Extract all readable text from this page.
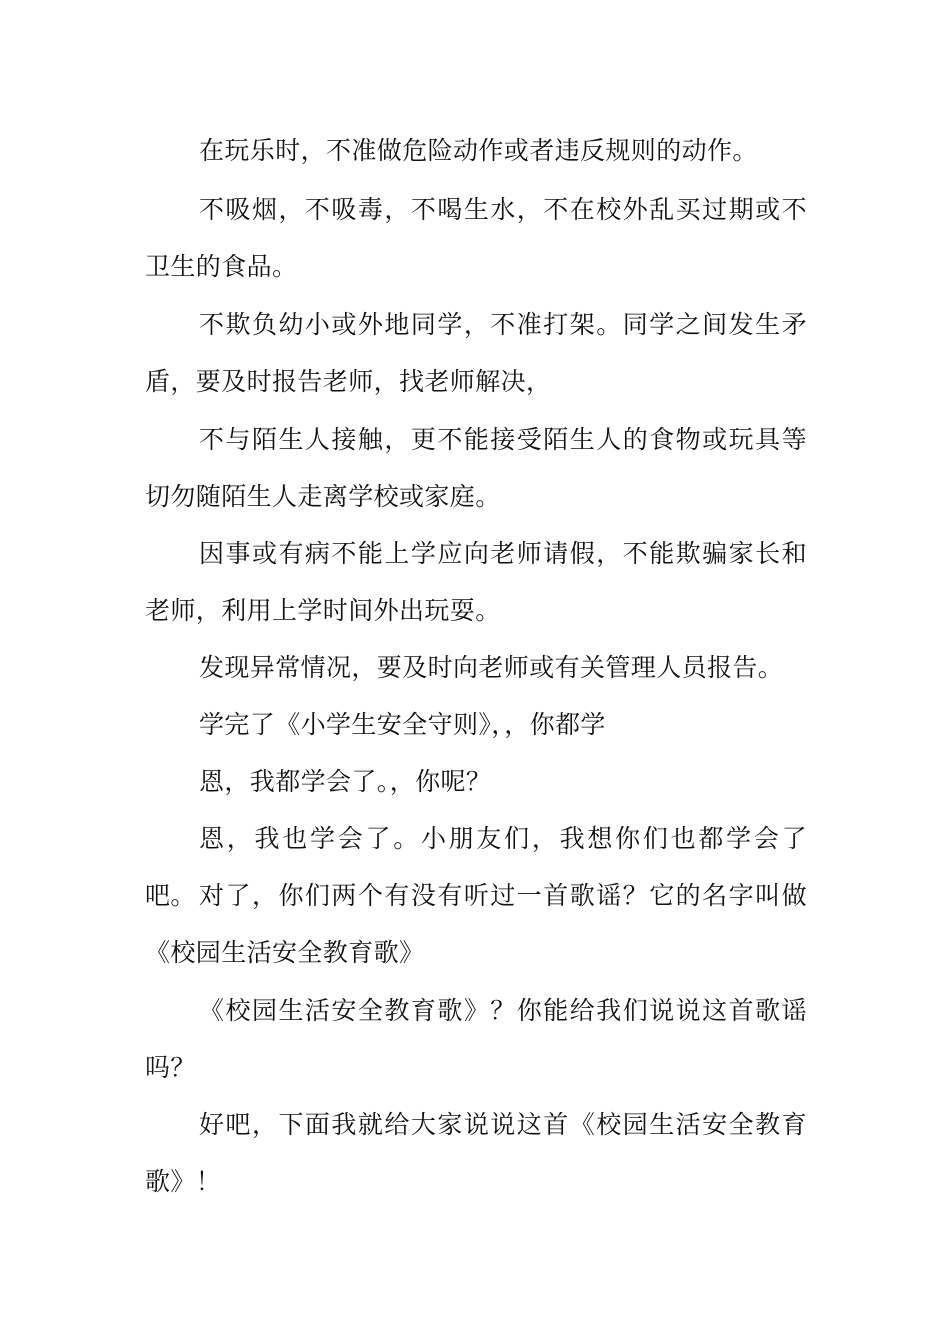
在玩乐时，不准做危险动作或者违反规则的动作。

不吸烟，不吸毒，不喝生水，不在校外乱买过期或不卫生的食品。

不欺负幼小或外地同学，不准打架。同学之间发生矛盾，要及时报告老师，找老师解决，

不与陌生人接触，更不能接受陌生人的食物或玩具等切勿随陌生人走离学校或家庭。

因事或有病不能上学应向老师请假，不能欺骗家长和老师，利用上学时间外出玩耍。

发现异常情况，要及时向老师或有关管理人员报告。

学完了《小学生安全守则》，，你都学

恩，我都学会了。，你呢？

恩，我也学会了。小朋友们，我想你们也都学会了吧。 对了，你们两个有没有听过一首歌谣？它的名字叫做《校园生活安全教育歌》

《校园生活安全教育歌》？你能给我们说说这首歌谣吗？

好吧，下面我就给大家说说这首《校园生活安全教育歌》！
